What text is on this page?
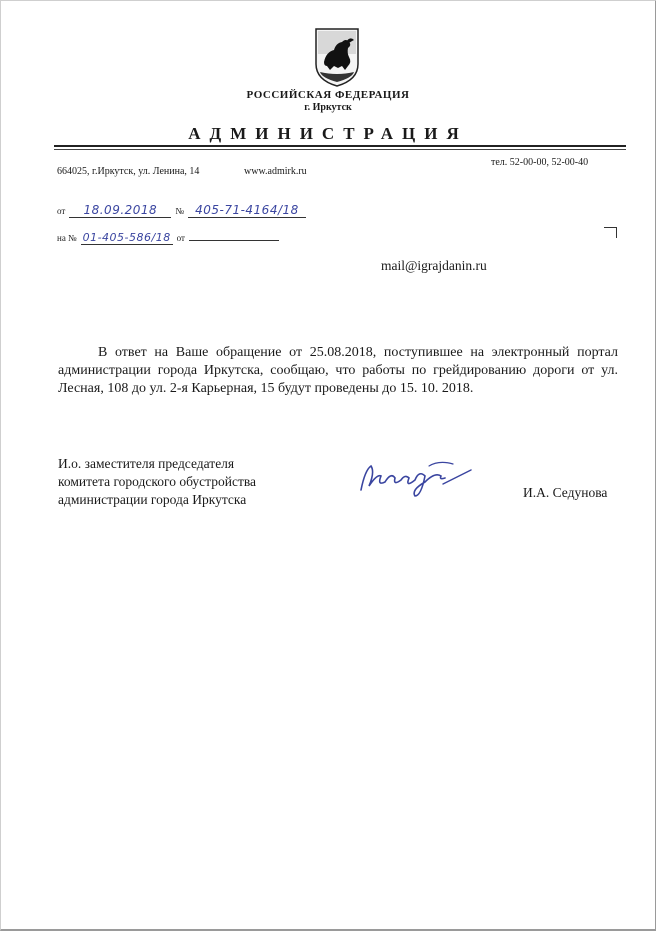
РОССИЙСКАЯ ФЕДЕРАЦИЯ
г. Иркутск
АДМИНИСТРАЦИЯ
664025, г.Иркутск, ул. Ленина, 14	www.admirk.ru
тел. 52-00-00, 52-00-40
от 18.09.2018 № 405-71-4164/18
на № 01-405-586/18 от
mail@igrajdanin.ru
В ответ на Ваше обращение от 25.08.2018, поступившее на электронный портал администрации города Иркутска, сообщаю, что работы по грейдированию дороги от ул. Лесная, 108 до ул. 2-я Карьерная, 15 будут проведены до 15. 10. 2018.
И.о. заместителя председателя
комитета городского обустройства
администрации города Иркутска	И.А. Седунова
